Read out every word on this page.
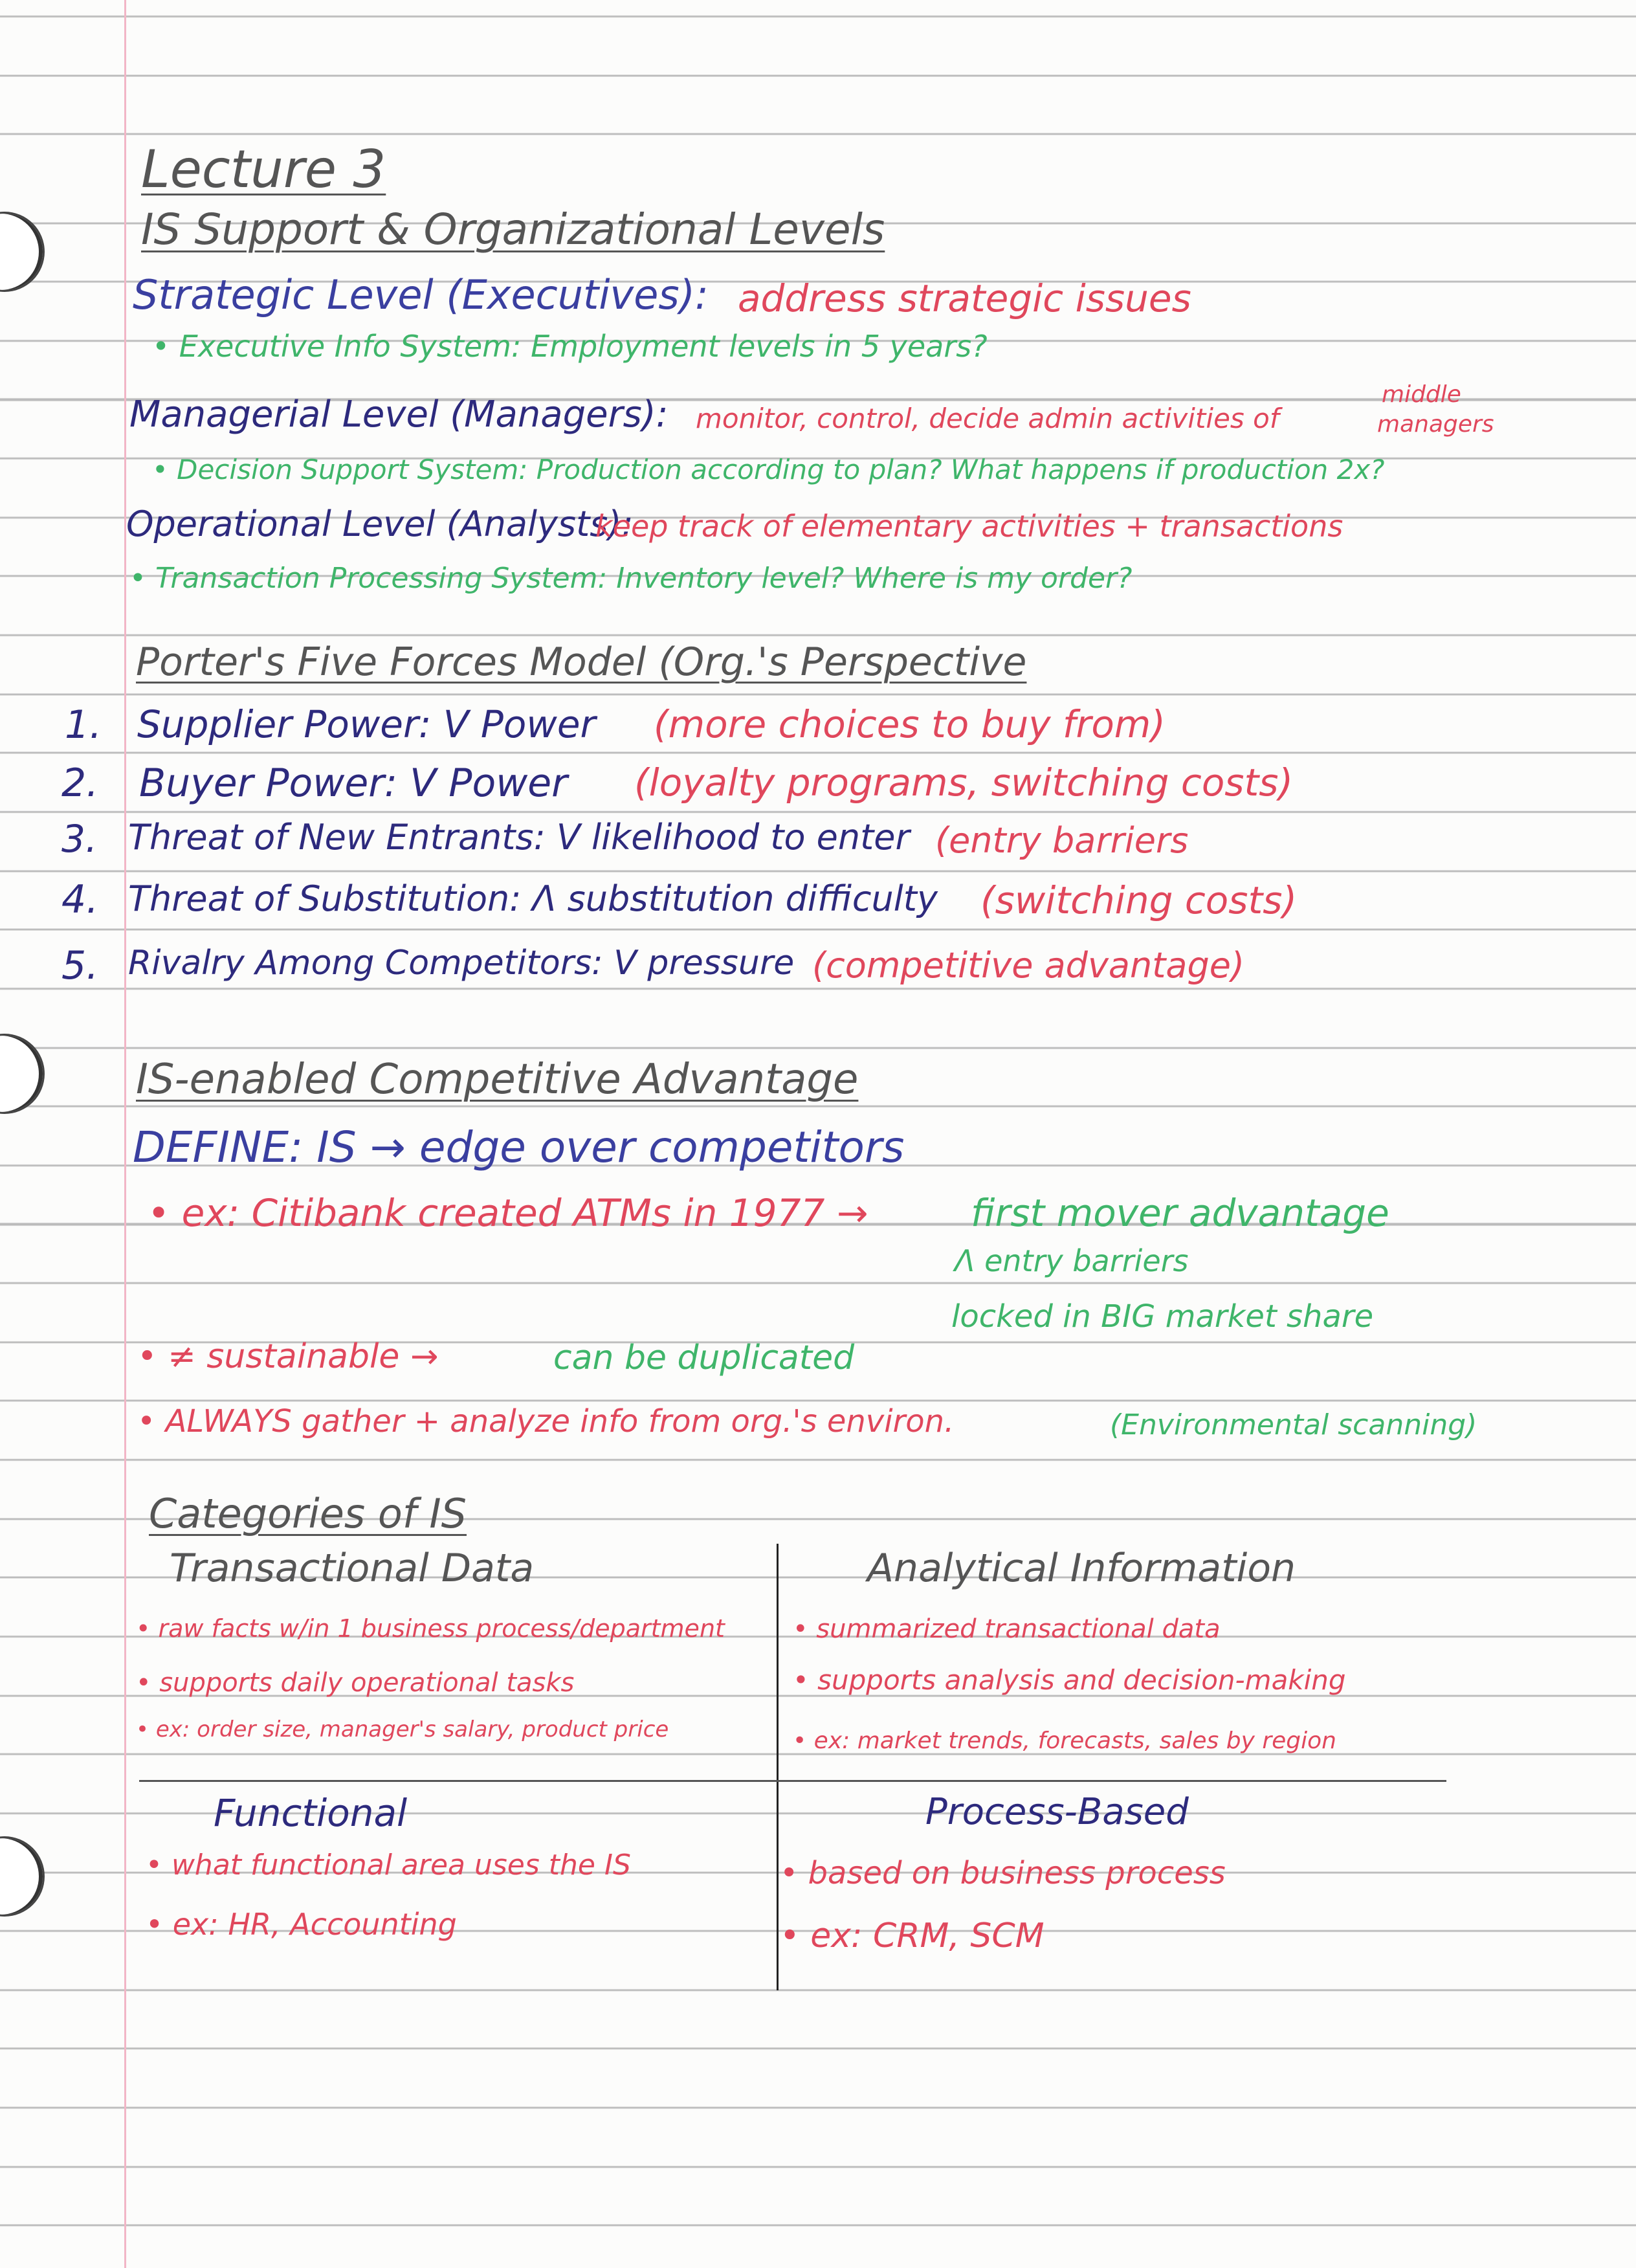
Lecture 3
IS Support & Organizational Levels
Strategic Level (Executives): address strategic issues
• Executive Info System: Employment levels in 5 years?
Managerial Level (Managers): monitor, control, decide admin activities of
middle
managers
• Decision Support System: Production according to plan? What happens if production 2x?
Operational Level (Analysts):
keep track of elementary activities + transactions
• Transaction Processing System: Inventory level? Where is my order?
Porter's Five Forces Model (Org.'s Perspective
1. Supplier Power: V Power (more choices to buy from)
2. Buyer Power: V Power (loyalty programs, switching costs)
3. Threat of New Entrants: V likelihood to enter (entry barriers
4. Threat of Substitution: Λ substitution difficulty (switching costs)
5. Rivalry Among Competitors: V pressure (competitive advantage)
IS-enabled Competitive Advantage
DEFINE: IS → edge over competitors
• ex: Citibank created ATMs in 1977 →	first mover advantage
Λ entry barriers
locked in BIG market share
• ≠ sustainable →	can be duplicated
• ALWAYS gather + analyze info from org.'s environ.	(Environmental scanning)
Categories of IS
Transactional Data
• raw facts w/in 1 business process/department
• supports daily operational tasks
• ex: order size, manager's salary, product price
Analytical Information
• summarized transactional data
• supports analysis and decision-making
• ex: market trends, forecasts, sales by region
Functional
• what functional area uses the IS
• ex: HR, Accounting
Process-Based
• based on business process
• ex: CRM, SCM
